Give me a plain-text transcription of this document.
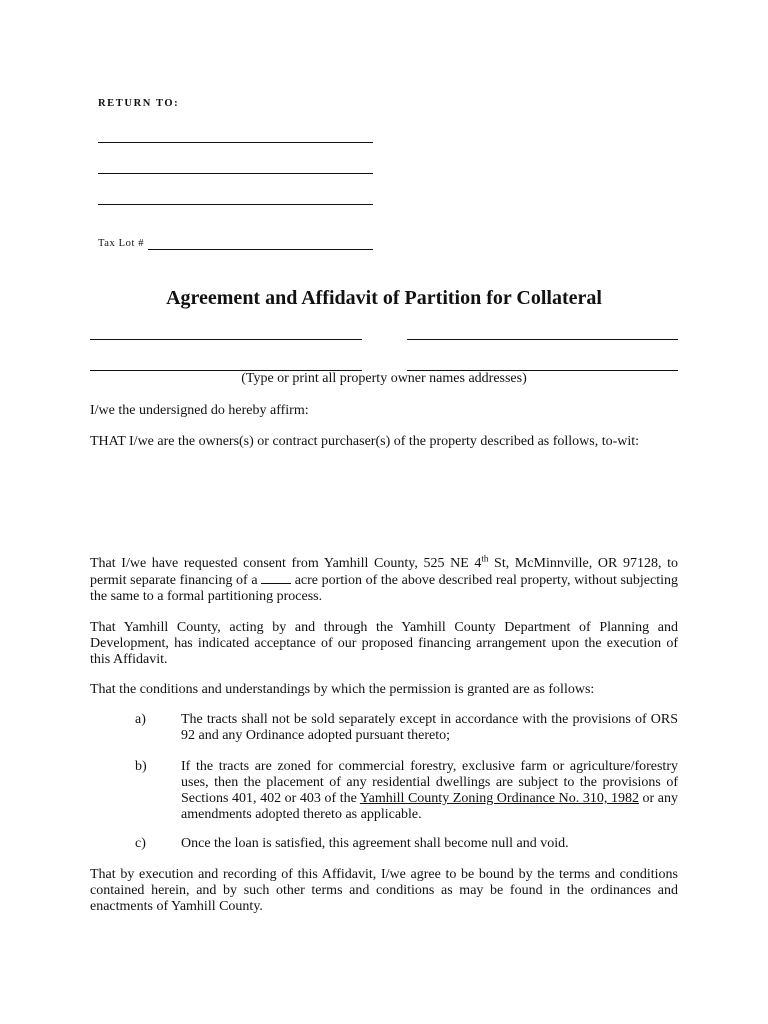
RETURN TO:
Tax Lot #
Agreement and Affidavit of Partition for Collateral
(Type or print all property owner names addresses)
I/we the undersigned do hereby affirm:
THAT I/we are the owners(s) or contract purchaser(s) of the property described as follows, to-wit:
That I/we have requested consent from Yamhill County, 525 NE 4th St, McMinnville, OR 97128, to permit separate financing of a  acre portion of the above described real property, without subjecting the same to a formal partitioning process.
That Yamhill County, acting by and through the Yamhill County Department of Planning and Development, has indicated acceptance of our proposed financing arrangement upon the execution of this Affidavit.
That the conditions and understandings by which the permission is granted are as follows:
a)	The tracts shall not be sold separately except in accordance with the provisions of ORS 92 and any Ordinance adopted pursuant thereto;
b) If the tracts are zoned for commercial forestry, exclusive farm or agriculture/forestry uses, then the placement of any residential dwellings are subject to the provisions of Sections 401, 402 or 403 of the Yamhill County Zoning Ordinance No. 310, 1982 or any amendments adopted thereto as applicable.
c)	Once the loan is satisfied, this agreement shall become null and void.
That by execution and recording of this Affidavit, I/we agree to be bound by the terms and conditions contained herein, and by such other terms and conditions as may be found in the ordinances and enactments of Yamhill County.
